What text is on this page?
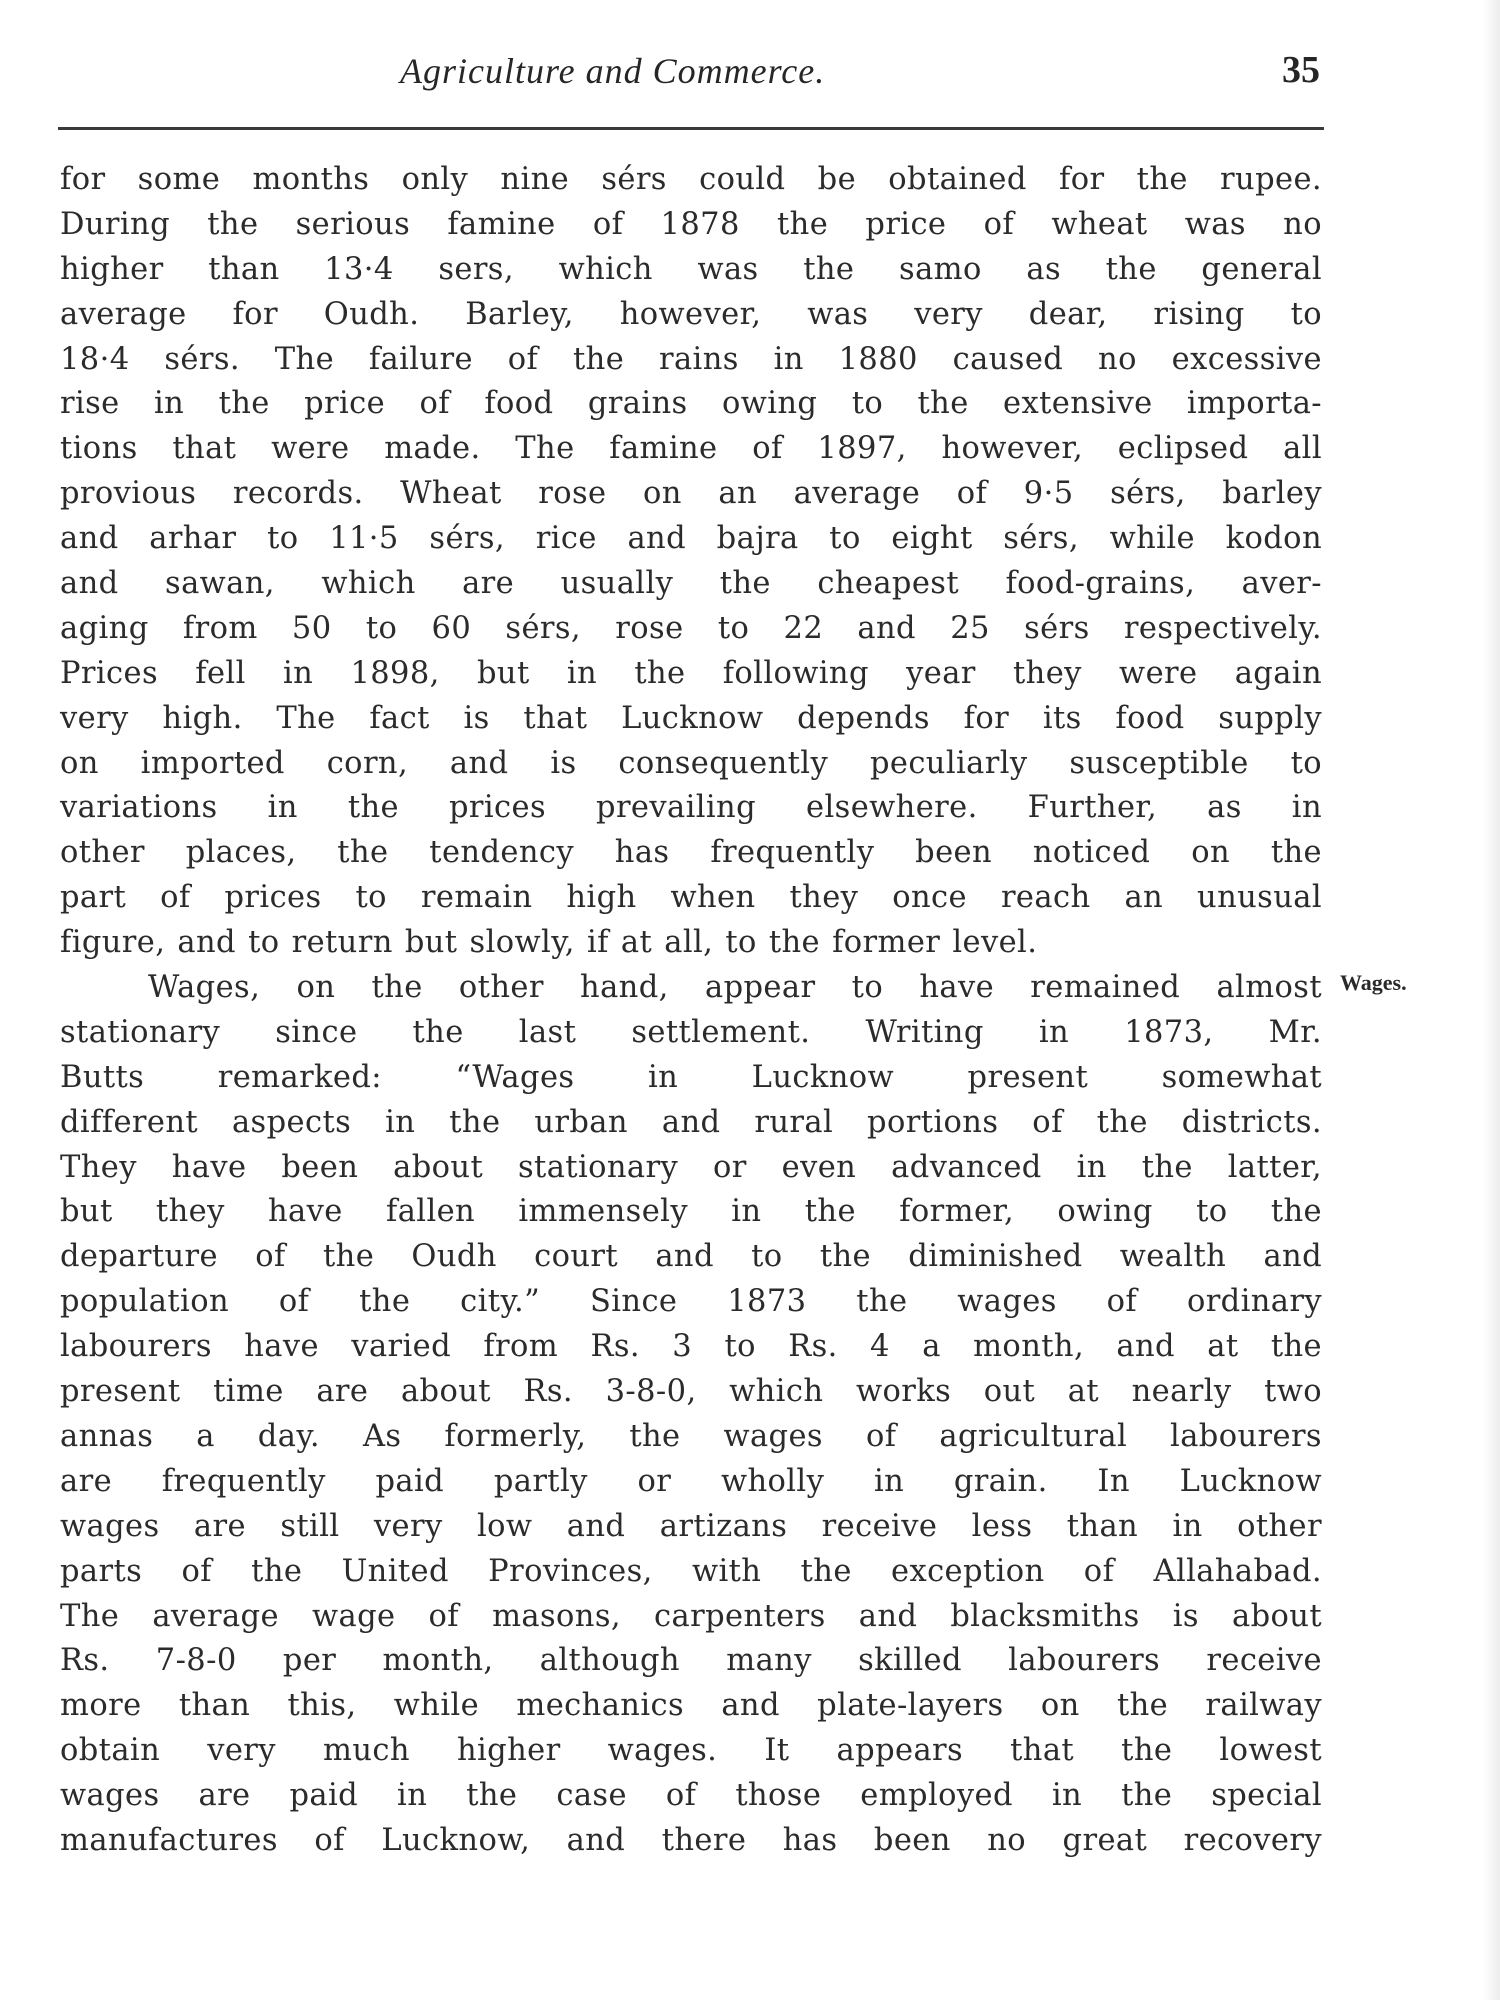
Agriculture and Commerce.	35
for some months only nine sérs could be obtained for the rupee.
During the serious famine of 1878 the price of wheat was no
higher than 13·4 sers, which was the samo as the general
average for Oudh. Barley, however, was very dear, rising to
18·4 sérs. The failure of the rains in 1880 caused no excessive
rise in the price of food grains owing to the extensive importa-
tions that were made. The famine of 1897, however, eclipsed all
provious records. Wheat rose on an average of 9·5 sérs, barley
and arhar to 11·5 sérs, rice and bajra to eight sérs, while kodon
and sawan, which are usually the cheapest food-grains, aver-
aging from 50 to 60 sérs, rose to 22 and 25 sérs respectively.
Prices fell in 1898, but in the following year they were again
very high. The fact is that Lucknow depends for its food supply
on imported corn, and is consequently peculiarly susceptible to
variations in the prices prevailing elsewhere. Further, as in
other places, the tendency has frequently been noticed on the
part of prices to remain high when they once reach an unusual
figure, and to return but slowly, if at all, to the former level.
Wages, on the other hand, appear to have remained almost
stationary since the last settlement. Writing in 1873, Mr.
Butts remarked: “Wages in Lucknow present somewhat
different aspects in the urban and rural portions of the districts.
They have been about stationary or even advanced in the latter,
but they have fallen immensely in the former, owing to the
departure of the Oudh court and to the diminished wealth and
population of the city.” Since 1873 the wages of ordinary
labourers have varied from Rs. 3 to Rs. 4 a month, and at the
present time are about Rs. 3-8-0, which works out at nearly two
annas a day. As formerly, the wages of agricultural labourers
are frequently paid partly or wholly in grain. In Lucknow
wages are still very low and artizans receive less than in other
parts of the United Provinces, with the exception of Allahabad.
The average wage of masons, carpenters and blacksmiths is about
Rs. 7-8-0 per month, although many skilled labourers receive
more than this, while mechanics and plate-layers on the railway
obtain very much higher wages. It appears that the lowest
wages are paid in the case of those employed in the special
manufactures of Lucknow, and there has been no great recovery
Wages.
